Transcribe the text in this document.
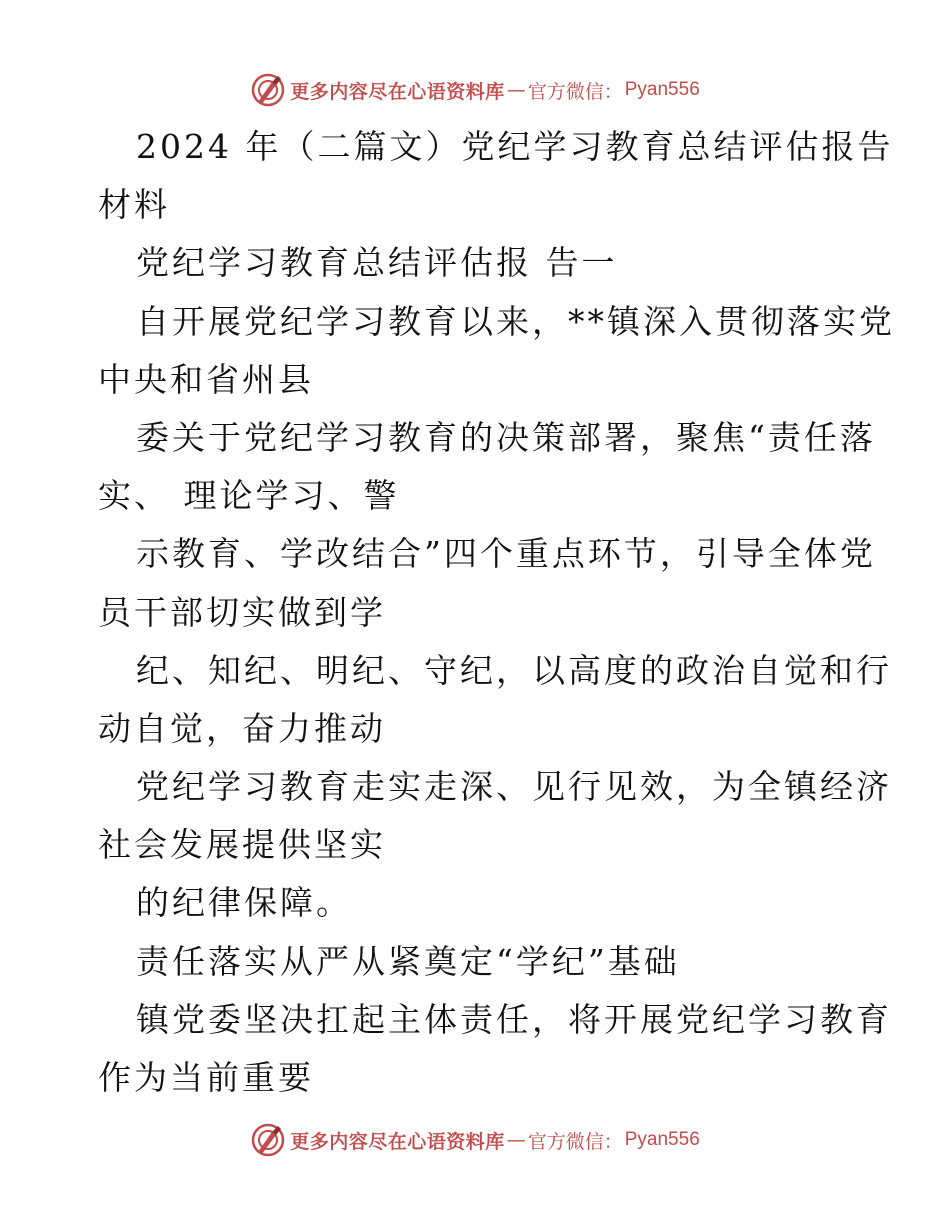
更多内容尽在心语资料库 — 官方微信： Pyan556
2024 年（二篇文）党纪学习教育总结评估报告
材料
党纪学习教育总结评估报 告一
自开展党纪学习教育以来，**镇深入贯彻落实党
中央和省州县
委关于党纪学习教育的决策部署，聚焦“责任落
实、 理论学习、警
示教育、学改结合”四个重点环节，引导全体党
员干部切实做到学
纪、知纪、明纪、守纪，以高度的政治自觉和行
动自觉，奋力推动
党纪学习教育走实走深、见行见效，为全镇经济
社会发展提供坚实
的纪律保障。
责任落实从严从紧奠定“学纪”基础
镇党委坚决扛起主体责任，将开展党纪学习教育
作为当前重要
更多内容尽在心语资料库 — 官方微信： Pyan556
